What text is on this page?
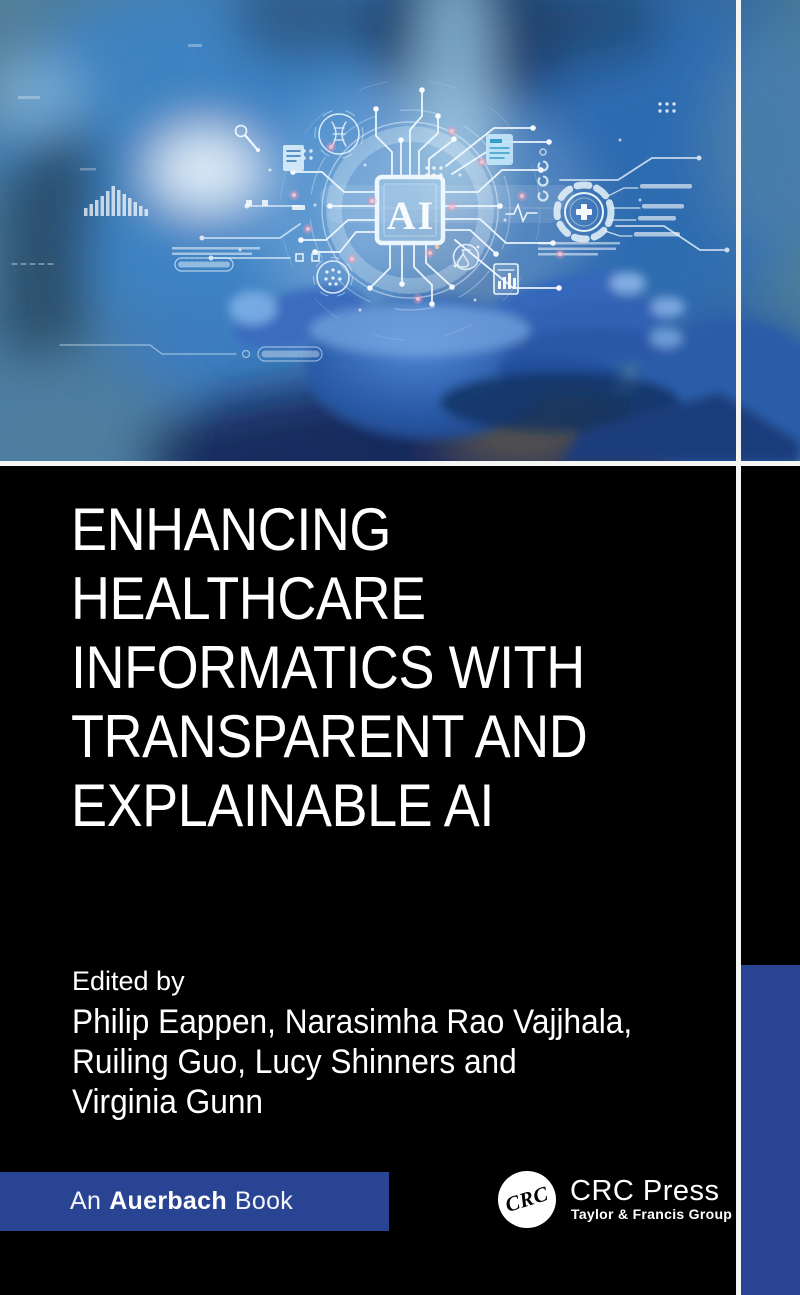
AI
ENHANCING
HEALTHCARE
INFORMATICS WITH
TRANSPARENT AND
EXPLAINABLE AI
Edited by
Philip Eappen, Narasimha Rao Vajjhala,
Ruiling Guo, Lucy Shinners and
Virginia Gunn
An Auerbach Book	CRC CRC Press
Taylor & Francis Group
